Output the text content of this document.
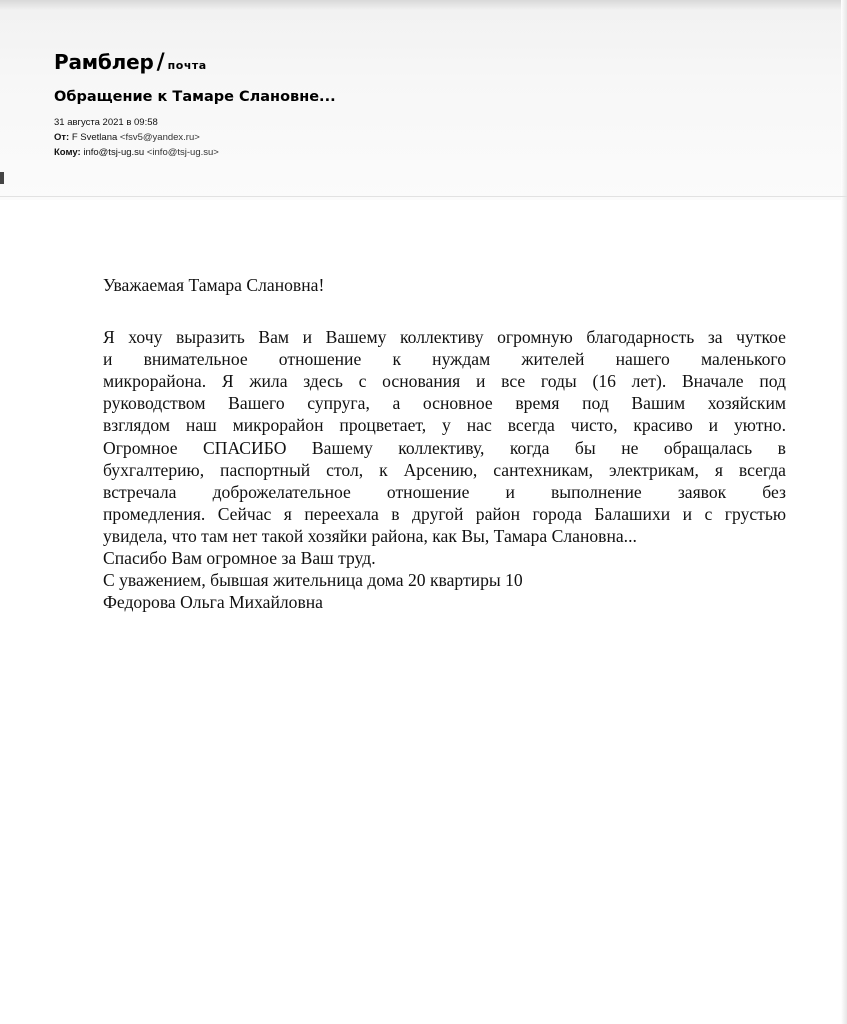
Рамблер / почта
Обращение к Тамаре Слановне...
31 августа 2021 в 09:58
От: F Svetlana <fsv5@yandex.ru>
Кому: info@tsj-ug.su <info@tsj-ug.su>
Уважаемая Тамара Слановна!
Я хочу выразить Вам и Вашему коллективу огромную благодарность за чуткое
и внимательное отношение к нуждам жителей нашего маленького
микрорайона. Я жила здесь с основания и все годы (16 лет). Вначале под
руководством Вашего супруга, а основное время под Вашим хозяйским
взглядом наш микрорайон процветает, у нас всегда чисто, красиво и уютно.
Огромное СПАСИБО Вашему коллективу, когда бы не обращалась в
бухгалтерию, паспортный стол, к Арсению, сантехникам, электрикам, я всегда
встречала доброжелательное отношение и выполнение заявок без
промедления. Сейчас я переехала в другой район города Балашихи и с грустью
увидела, что там нет такой хозяйки района, как Вы, Тамара Слановна...
Спасибо Вам огромное за Ваш труд.
С уважением, бывшая жительница дома 20 квартиры 10
Федорова Ольга Михайловна
